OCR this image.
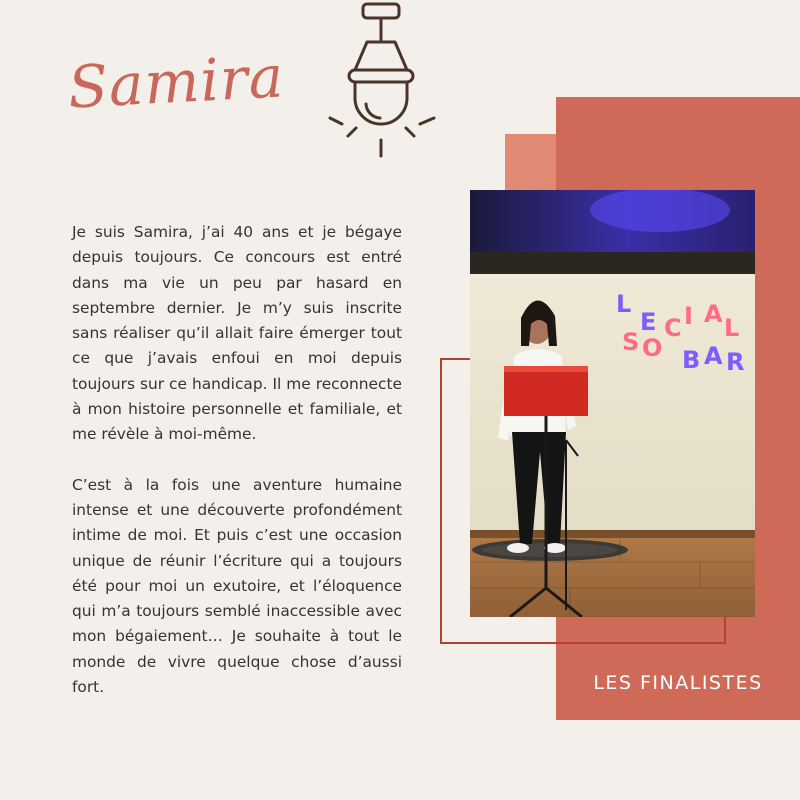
Samira

Je suis Samira, j’ai 40 ans et je bégaye depuis toujours. Ce concours est entré dans ma vie un peu par hasard en septembre dernier. Je m’y suis inscrite sans réaliser qu’il allait faire émerger tout ce que j’avais enfoui en moi depuis toujours sur ce handicap. Il me reconnecte à mon histoire personnelle et familiale, et me révèle à moi-même.

C’est à la fois une aventure humaine intense et une découverte profondément intime de moi. Et puis c’est une occasion unique de réunir l’écriture qui a toujours été pour moi un exutoire, et l’éloquence qui m’a toujours semblé inaccessible avec mon bégaiement… Je souhaite à tout le monde de vivre quelque chose d’aussi fort.

L
E
S O
C I A L
B A R
LES FINALISTES
